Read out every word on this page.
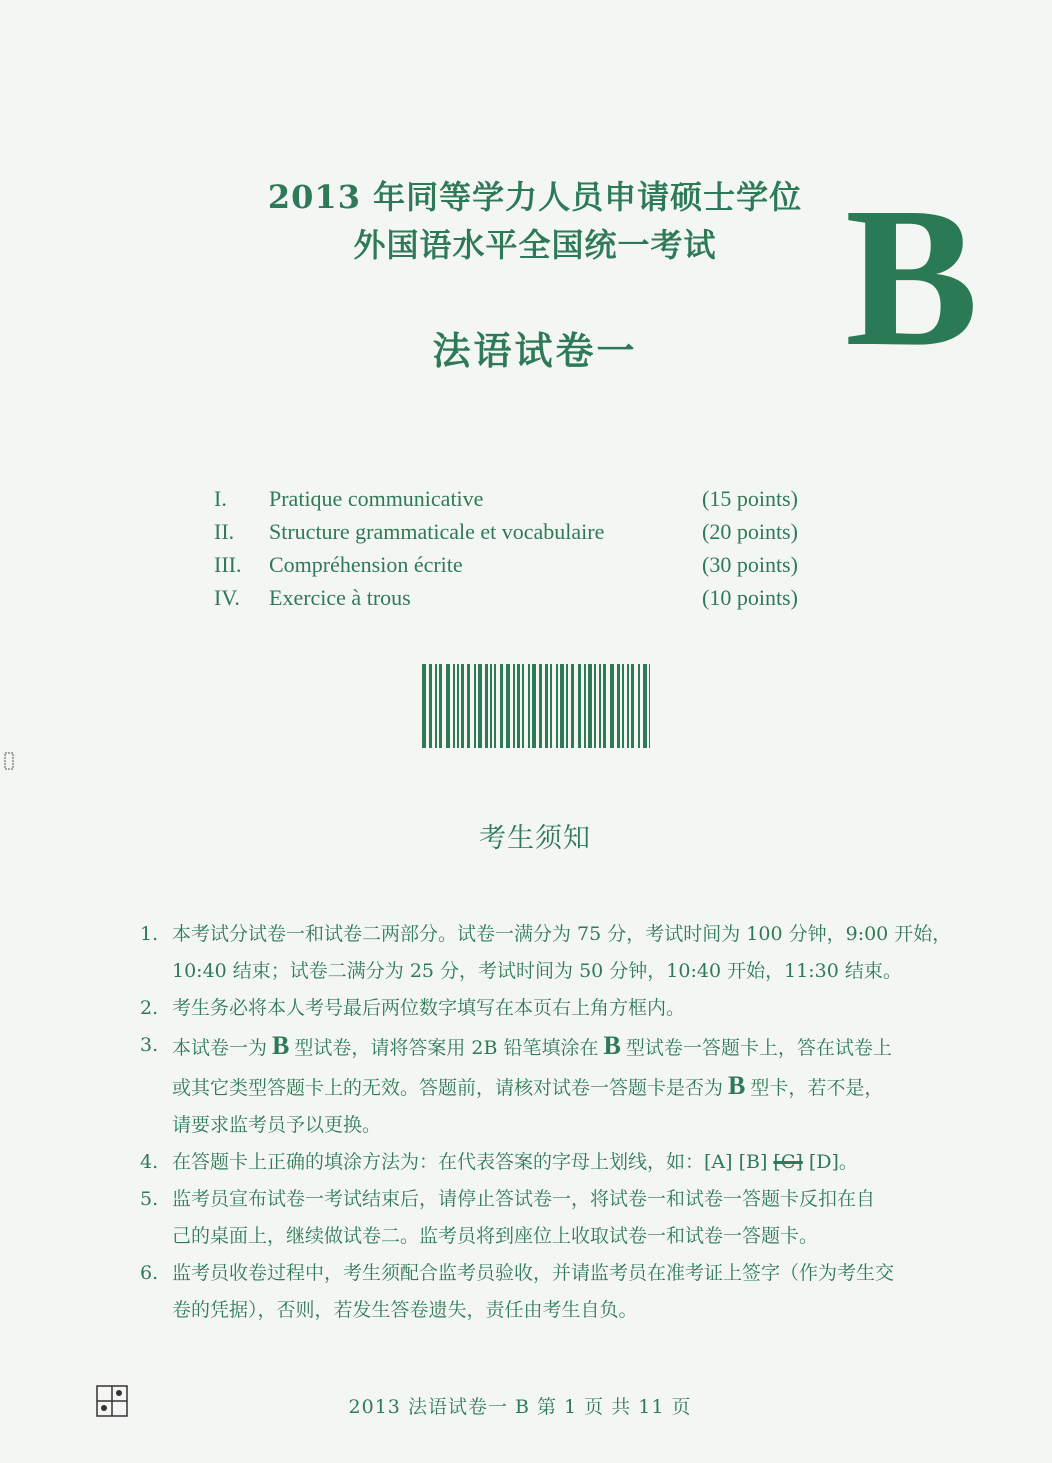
2013 年同等学力人员申请硕士学位
外国语水平全国统一考试
法语试卷一	B
I. Pratique communicative	(15 points)
II. Structure grammaticale et vocabulaire	(20 points)
III. Compréhension écrite	(30 points)
IV. Exercice à trous	(10 points)
考生须知
1. 本考试分试卷一和试卷二两部分。试卷一满分为 75 分，考试时间为 100 分钟，9:00 开始，
10:40 结束；试卷二满分为 25 分，考试时间为 50 分钟，10:40 开始，11:30 结束。
2. 考生务必将本人考号最后两位数字填写在本页右上角方框内。
3. 本试卷一为 B 型试卷，请将答案用 2B 铅笔填涂在 B 型试卷一答题卡上，答在试卷上
或其它类型答题卡上的无效。答题前，请核对试卷一答题卡是否为 B 型卡，若不是，
请要求监考员予以更换。
4. 在答题卡上正确的填涂方法为：在代表答案的字母上划线，如：[A] [B] [C] [D]。
5. 监考员宣布试卷一考试结束后，请停止答试卷一，将试卷一和试卷一答题卡反扣在自
己的桌面上，继续做试卷二。监考员将到座位上收取试卷一和试卷一答题卡。
6. 监考员收卷过程中，考生须配合监考员验收，并请监考员在准考证上签字（作为考生交
卷的凭据），否则，若发生答卷遗失，责任由考生自负。
2013 法语试卷一 B 第 1 页 共 11 页
